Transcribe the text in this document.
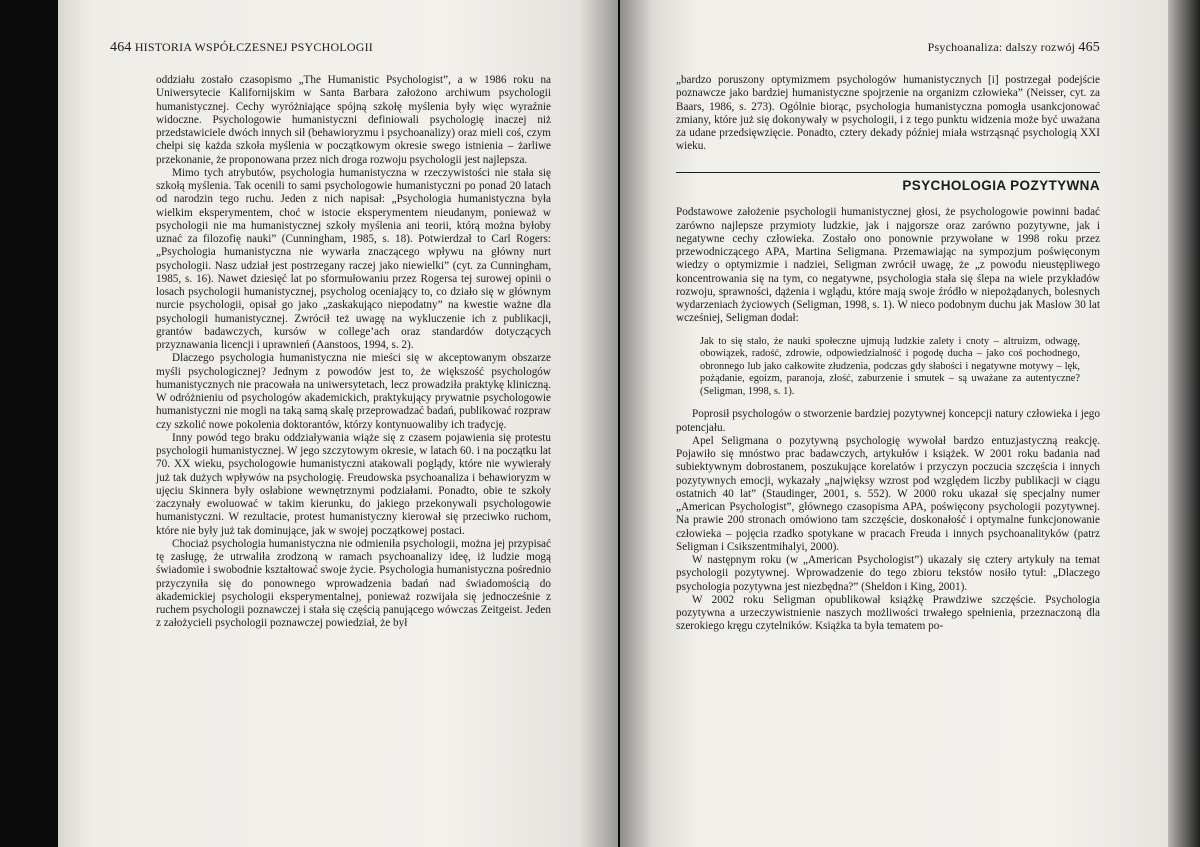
464 HISTORIA WSPÓŁCZESNEJ PSYCHOLOGII

oddziału zostało czasopismo „The Humanistic Psychologist”, a w 1986 roku na Uniwersytecie Kalifornijskim w Santa Barbara założono archiwum psychologii humanistycznej. Cechy wyróżniające spójną szkołę myślenia były więc wyraźnie widoczne. Psychologowie humanistyczni definiowali psychologię inaczej niż przedstawiciele dwóch innych sił (behawioryzmu i psychoanalizy) oraz mieli coś, czym chełpi się każda szkoła myślenia w początkowym okresie swego istnienia – żarliwe przekonanie, że proponowana przez nich droga rozwoju psychologii jest najlepsza.

Mimo tych atrybutów, psychologia humanistyczna w rzeczywistości nie stała się szkołą myślenia. Tak ocenili to sami psychologowie humanistyczni po ponad 20 latach od narodzin tego ruchu. Jeden z nich napisał: „Psychologia humanistyczna była wielkim eksperymentem, choć w istocie eksperymentem nieudanym, ponieważ w psychologii nie ma humanistycznej szkoły myślenia ani teorii, którą można byłoby uznać za filozofię nauki” (Cunningham, 1985, s. 18). Potwierdzał to Carl Rogers: „Psychologia humanistyczna nie wywarła znaczącego wpływu na główny nurt psychologii. Nasz udział jest postrzegany raczej jako niewielki” (cyt. za Cunningham, 1985, s. 16). Nawet dziesięć lat po sformułowaniu przez Rogersa tej surowej opinii o losach psychologii humanistycznej, psycholog oceniający to, co działo się w głównym nurcie psychologii, opisał go jako „zaskakująco niepodatny” na kwestie ważne dla psychologii humanistycznej. Zwrócił też uwagę na wykluczenie ich z publikacji, grantów badawczych, kursów w college’ach oraz standardów dotyczących przyznawania licencji i uprawnień (Aanstoos, 1994, s. 2).

Dlaczego psychologia humanistyczna nie mieści się w akceptowanym obszarze myśli psychologicznej? Jednym z powodów jest to, że większość psychologów humanistycznych nie pracowała na uniwersytetach, lecz prowadziła praktykę kliniczną. W odróżnieniu od psychologów akademickich, praktykujący prywatnie psychologowie humanistyczni nie mogli na taką samą skalę przeprowadzać badań, publikować rozpraw czy szkolić nowe pokolenia doktorantów, którzy kontynuowaliby ich tradycję.

Inny powód tego braku oddziaływania wiąże się z czasem pojawienia się protestu psychologii humanistycznej. W jego szczytowym okresie, w latach 60. i na początku lat 70. XX wieku, psychologowie humanistyczni atakowali poglądy, które nie wywierały już tak dużych wpływów na psychologię. Freudowska psychoanaliza i behawioryzm w ujęciu Skinnera były osłabione wewnętrznymi podziałami. Ponadto, obie te szkoły zaczynały ewoluować w takim kierunku, do jakiego przekonywali psychologowie humanistyczni. W rezultacie, protest humanistyczny kierował się przeciwko ruchom, które nie były już tak dominujące, jak w swojej początkowej postaci.

Chociaż psychologia humanistyczna nie odmieniła psychologii, można jej przypisać tę zasługę, że utrwaliła zrodzoną w ramach psychoanalizy ideę, iż ludzie mogą świadomie i swobodnie kształtować swoje życie. Psychologia humanistyczna pośrednio przyczyniła się do ponownego wprowadzenia badań nad świadomością do akademickiej psychologii eksperymentalnej, ponieważ rozwijała się jednocześnie z ruchem psychologii poznawczej i stała się częścią panującego wówczas Zeitgeist. Jeden z założycieli psychologii poznawczej powiedział, że był

Psychoanaliza: dalszy rozwój 465

„bardzo poruszony optymizmem psychologów humanistycznych [i] postrzegał podejście poznawcze jako bardziej humanistyczne spojrzenie na organizm człowieka” (Neisser, cyt. za Baars, 1986, s. 273). Ogólnie biorąc, psychologia humanistyczna pomogła usankcjonować zmiany, które już się dokonywały w psychologii, i z tego punktu widzenia może być uważana za udane przedsięwzięcie. Ponadto, cztery dekady później miała wstrząsnąć psychologią XXI wieku.

PSYCHOLOGIA POZYTYWNA

Podstawowe założenie psychologii humanistycznej głosi, że psychologowie powinni badać zarówno najlepsze przymioty ludzkie, jak i najgorsze oraz zarówno pozytywne, jak i negatywne cechy człowieka. Zostało ono ponownie przywołane w 1998 roku przez przewodniczącego APA, Martina Seligmana. Przemawiając na sympozjum poświęconym wiedzy o optymizmie i nadziei, Seligman zwrócił uwagę, że „z powodu nieustępliwego koncentrowania się na tym, co negatywne, psychologia stała się ślepa na wiele przykładów rozwoju, sprawności, dążenia i wglądu, które mają swoje źródło w niepożądanych, bolesnych wydarzeniach życiowych (Seligman, 1998, s. 1). W nieco podobnym duchu jak Maslow 30 lat wcześniej, Seligman dodał:

Jak to się stało, że nauki społeczne ujmują ludzkie zalety i cnoty – altruizm, odwagę, obowiązek, radość, zdrowie, odpowiedzialność i pogodę ducha – jako coś pochodnego, obronnego lub jako całkowite złudzenia, podczas gdy słabości i negatywne motywy – lęk, pożądanie, egoizm, paranoja, złość, zaburzenie i smutek – są uważane za autentyczne? (Seligman, 1998, s. 1).

Poprosił psychologów o stworzenie bardziej pozytywnej koncepcji natury człowieka i jego potencjału.

Apel Seligmana o pozytywną psychologię wywołał bardzo entuzjastyczną reakcję. Pojawiło się mnóstwo prac badawczych, artykułów i książek. W 2001 roku badania nad subiektywnym dobrostanem, poszukujące korelatów i przyczyn poczucia szczęścia i innych pozytywnych emocji, wykazały „najwięksy wzrost pod względem liczby publikacji w ciągu ostatnich 40 lat” (Staudinger, 2001, s. 552). W 2000 roku ukazał się specjalny numer „American Psychologist”, głównego czasopisma APA, poświęcony psychologii pozytywnej. Na prawie 200 stronach omówiono tam szczęście, doskonałość i optymalne funkcjonowanie człowieka – pojęcia rzadko spotykane w pracach Freuda i innych psychoanalityków (patrz Seligman i Csikszentmihalyi, 2000).

W następnym roku (w „American Psychologist”) ukazały się cztery artykuły na temat psychologii pozytywnej. Wprowadzenie do tego zbioru tekstów nosiło tytuł: „Dlaczego psychologia pozytywna jest niezbędna?” (Sheldon i King, 2001).

W 2002 roku Seligman opublikował książkę Prawdziwe szczęście. Psychologia pozytywna a urzeczywistnienie naszych możliwości trwałego spełnienia, przeznaczoną dla szerokiego kręgu czytelników. Książka ta była tematem po-
